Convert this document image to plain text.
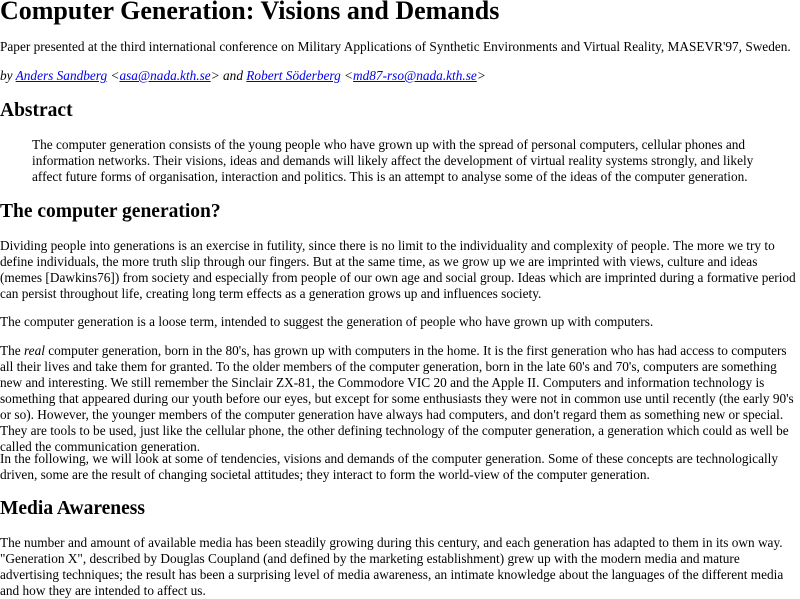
Computer Generation: Visions and Demands

Paper presented at the third international conference on Military Applications of Synthetic Environments and Virtual Reality, MASEVR'97, Sweden.

by Anders Sandberg <asa@nada.kth.se> and Robert Söderberg <md87-rso@nada.kth.se>

Abstract
The computer generation consists of the young people who have grown up with the spread of personal computers, cellular phones and information networks. Their visions, ideas and demands will likely affect the development of virtual reality systems strongly, and likely affect future forms of organisation, interaction and politics. This is an attempt to analyse some of the ideas of the computer generation.
The computer generation?

Dividing people into generations is an exercise in futility, since there is no limit to the individuality and complexity of people. The more we try to define individuals, the more truth slip through our fingers. But at the same time, as we grow up we are imprinted with views, culture and ideas (memes [Dawkins76]) from society and especially from people of our own age and social group. Ideas which are imprinted during a formative period can persist throughout life, creating long term effects as a generation grows up and influences society.

The computer generation is a loose term, intended to suggest the generation of people who have grown up with computers.

The real computer generation, born in the 80's, has grown up with computers in the home. It is the first generation who has had access to computers all their lives and take them for granted. To the older members of the computer generation, born in the late 60's and 70's, computers are something new and interesting. We still remember the Sinclair ZX-81, the Commodore VIC 20 and the Apple II. Computers and information technology is something that appeared during our youth before our eyes, but except for some enthusiasts they were not in common use until recently (the early 90's or so). However, the younger members of the computer generation have always had computers, and don't regard them as something new or special. They are tools to be used, just like the cellular phone, the other defining technology of the computer generation, a generation which could as well be called the communication generation.

In the following, we will look at some of tendencies, visions and demands of the computer generation. Some of these concepts are technologically driven, some are the result of changing societal attitudes; they interact to form the world-view of the computer generation.

Media Awareness

The number and amount of available media has been steadily growing during this century, and each generation has adapted to them in its own way. "Generation X", described by Douglas Coupland (and defined by the marketing establishment) grew up with the modern media and mature advertising techniques; the result has been a surprising level of media awareness, an intimate knowledge about the languages of the different media and how they are intended to affect us.
